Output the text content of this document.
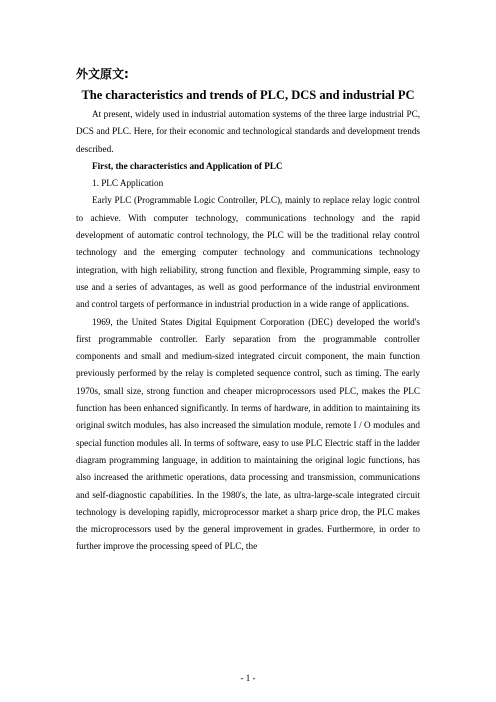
外文原文:
The characteristics and trends of PLC, DCS and industrial PC

At present, widely used in industrial automation systems of the three large industrial PC, DCS and PLC. Here, for their economic and technological standards and development trends described.

First, the characteristics and Application of PLC

1. PLC Application

Early PLC (Programmable Logic Controller, PLC), mainly to replace relay logic control to achieve. With computer technology, communications technology and the rapid development of automatic control technology, the PLC will be the traditional relay control technology and the emerging computer technology and communications technology integration, with high reliability, strong function and flexible, Programming simple, easy to use and a series of advantages, as well as good performance of the industrial environment and control targets of performance in industrial production in a wide range of applications.

1969, the United States Digital Equipment Corporation (DEC) developed the world's first programmable controller. Early separation from the programmable controller components and small and medium-sized integrated circuit component, the main function previously performed by the relay is completed sequence control, such as timing. The early 1970s, small size, strong function and cheaper microprocessors used PLC, makes the PLC function has been enhanced significantly. In terms of hardware, in addition to maintaining its original switch modules, has also increased the simulation module, remote I / O modules and special function modules all. In terms of software, easy to use PLC Electric staff in the ladder diagram programming language, in addition to maintaining the original logic functions, has also increased the arithmetic operations, data processing and transmission, communications and self-diagnostic capabilities. In the 1980's, the late, as ultra-large-scale integrated circuit technology is developing rapidly, microprocessor market a sharp price drop, the PLC makes the microprocessors used by the general improvement in grades. Furthermore, in order to further improve the processing speed of PLC, the

- 1 -
